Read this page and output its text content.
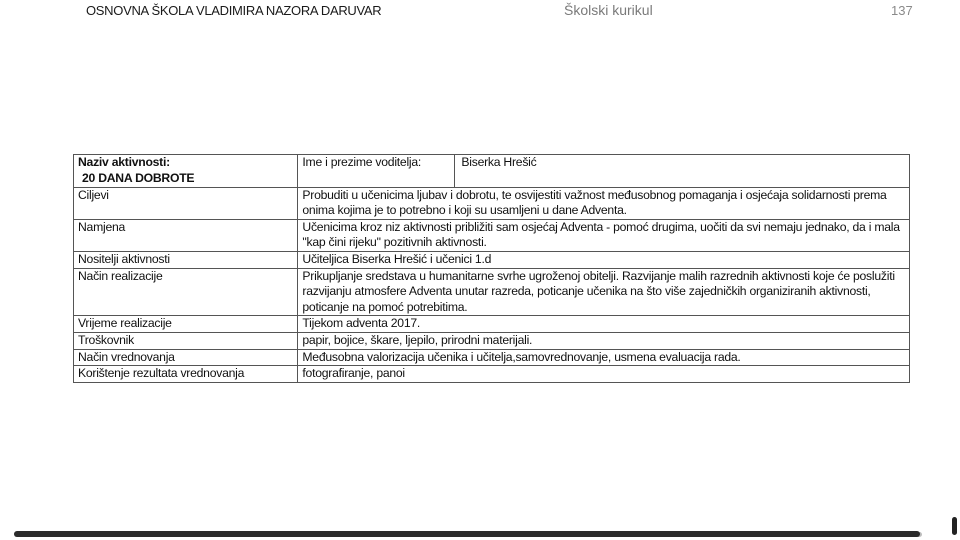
OSNOVNA ŠKOLA VLADIMIRA NAZORA DARUVAR	Školski kurikul	137
Naziv aktivnosti:
20 DANA DOBROTE	Ime i prezime voditelja: Biserka Hrešić

Ciljevi	Probuditi u učenicima ljubav i dobrotu, te osvijestiti važnost međusobnog pomaganja i osjećaja solidarnosti prema onima kojima je to potrebno i koji su usamljeni u dane Adventa.
Namjena	Učenicima kroz niz aktivnosti približiti sam osjećaj Adventa - pomoć drugima, uočiti da svi nemaju jednako, da i mala "kap čini rijeku" pozitivnih aktivnosti.
Nositelji aktivnosti	Učiteljica Biserka Hrešić i učenici 1.d
Način realizacije	Prikupljanje sredstava u humanitarne svrhe ugroženoj obitelji. Razvijanje malih razrednih aktivnosti koje će poslužiti razvijanju atmosfere Adventa unutar razreda, poticanje učenika na što više zajedničkih organiziranih aktivnosti, poticanje na pomoć potrebitima.
Vrijeme realizacije	Tijekom adventa 2017.
Troškovnik	papir, bojice, škare, ljepilo, prirodni materijali.
Način vrednovanja	Međusobna valorizacija učenika i učitelja,samovrednovanje, usmena evaluacija rada.
Korištenje rezultata vrednovanja	fotografiranje, panoi
